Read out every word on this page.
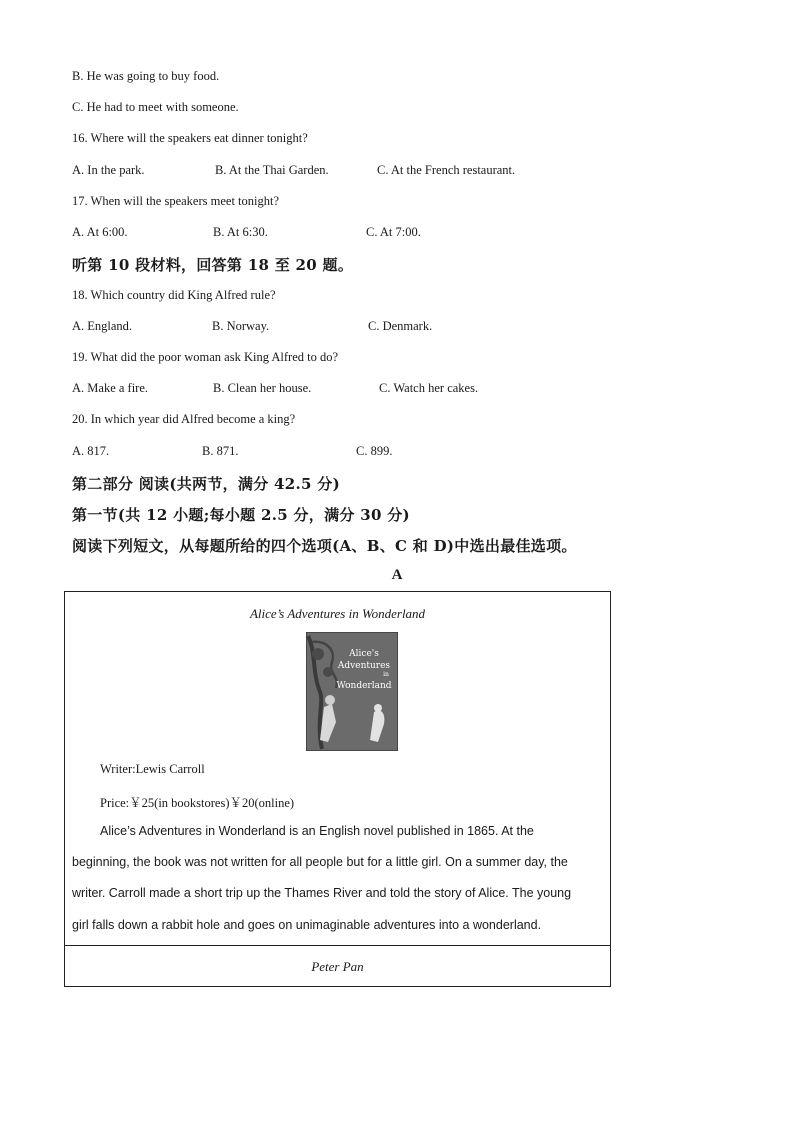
B. He was going to buy food.
C. He had to meet with someone.
16. Where will the speakers eat dinner tonight?
A. In the park.	B. At the Thai Garden.	C. At the French restaurant.
17. When will the speakers meet tonight?
A. At 6:00.	B. At 6:30.	C. At 7:00.
听第 10 段材料，回答第 18 至 20 题。
18. Which country did King Alfred rule?
A. England.	B. Norway.	C. Denmark.
19. What did the poor woman ask King Alfred to do?
A. Make a fire.	B. Clean her house.	C. Watch her cakes.
20. In which year did Alfred become a king?
A. 817.	B. 871.	C. 899.
第二部分 阅读(共两节，满分 42.5 分)
第一节(共 12 小题;每小题 2.5 分，满分 30 分)
阅读下列短文，从每题所给的四个选项(A、B、C 和 D)中选出最佳选项。
A
Alice’s Adventures in Wonderland
Alice's
Adventures
in
Wonderland
Writer:Lewis Carroll
Price:￥25(in bookstores)￥20(online)
Alice’s Adventures in Wonderland is an English novel published in 1865. At the
beginning, the book was not written for all people but for a little girl. On a summer day, the
writer. Carroll made a short trip up the Thames River and told the story of Alice. The young
girl falls down a rabbit hole and goes on unimaginable adventures into a wonderland.
Peter Pan
